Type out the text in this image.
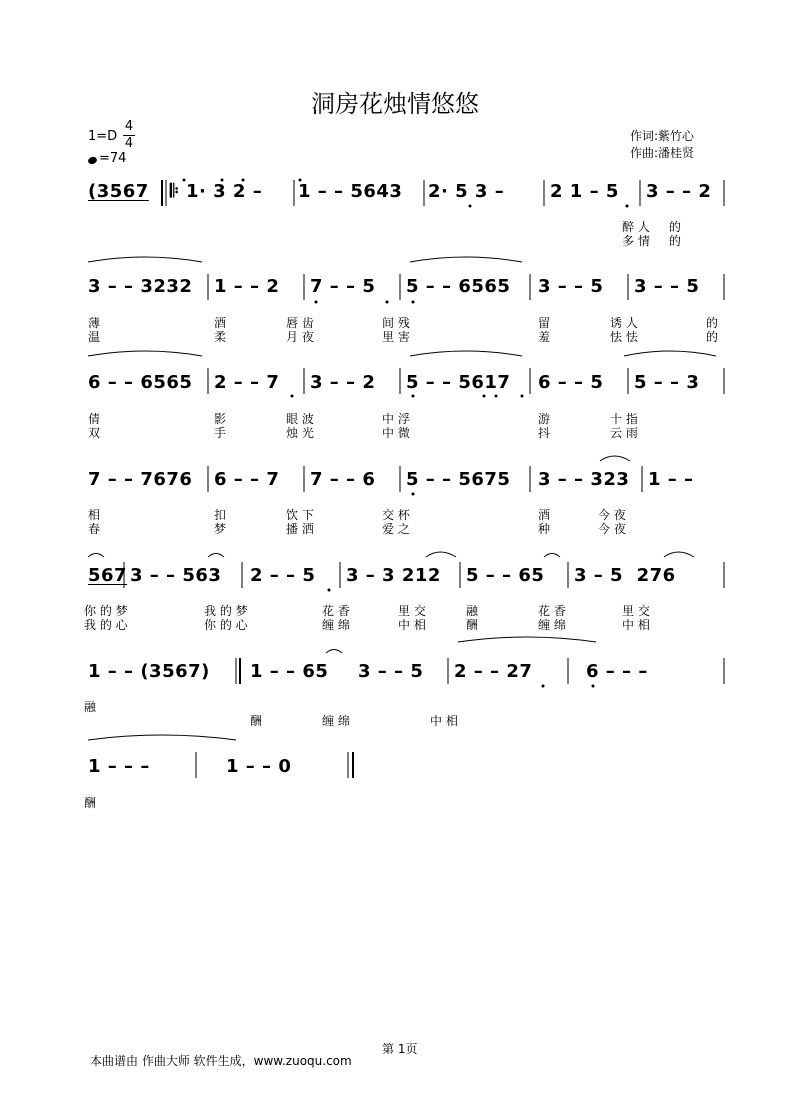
洞房花烛情悠悠
1=D
4
4
=74
作词:紫竹心
作曲:潘桂贤
(3567 𝄆 1· 3 2 – 1 – – 5643 2· 5 3 –	2 1 – 5 3 – – 2
醉 人     的
多 情     的
3 – – 3232 1 – – 2 7 – – 5 5 – – 6565 3 – – 5 3 – – 5
薄	酒	唇 齿	间 残	留	诱 人	的
温	柔	月 夜	里 害	羞	怯 怯	的
6 – – 6565 2 – – 7 3 – – 2 5 – – 5617 6 – – 5 5 – – 3
倩	影	眼 波	中 浮	游	十 指
双	手	烛 光	中 微	抖	云 雨
7 – – 7676 6 – – 7 7 – – 6 5 – – 5675 3 – – 323 1 – –
相	扣	饮 下	交 杯	酒	今 夜
春	梦	播 洒	爱 之	种	今 夜
567 3 – – 563 2 – – 5 3 – 3 212 5 – – 65 3 – 5  276
你 的 梦	我 的 梦	花 香	里 交	融	花 香	里 交
我 的 心	你 的 心	缠 绵	中 相	酬	缠 绵	中 相
1 – – (3567) 1 – – 65 3 – – 5 2 – – 27	6 – – –
融
酬	缠 绵	中 相
1 – – –	1 – – 0
酬
第 1页
本曲谱由 作曲大师 软件生成，www.zuoqu.com
